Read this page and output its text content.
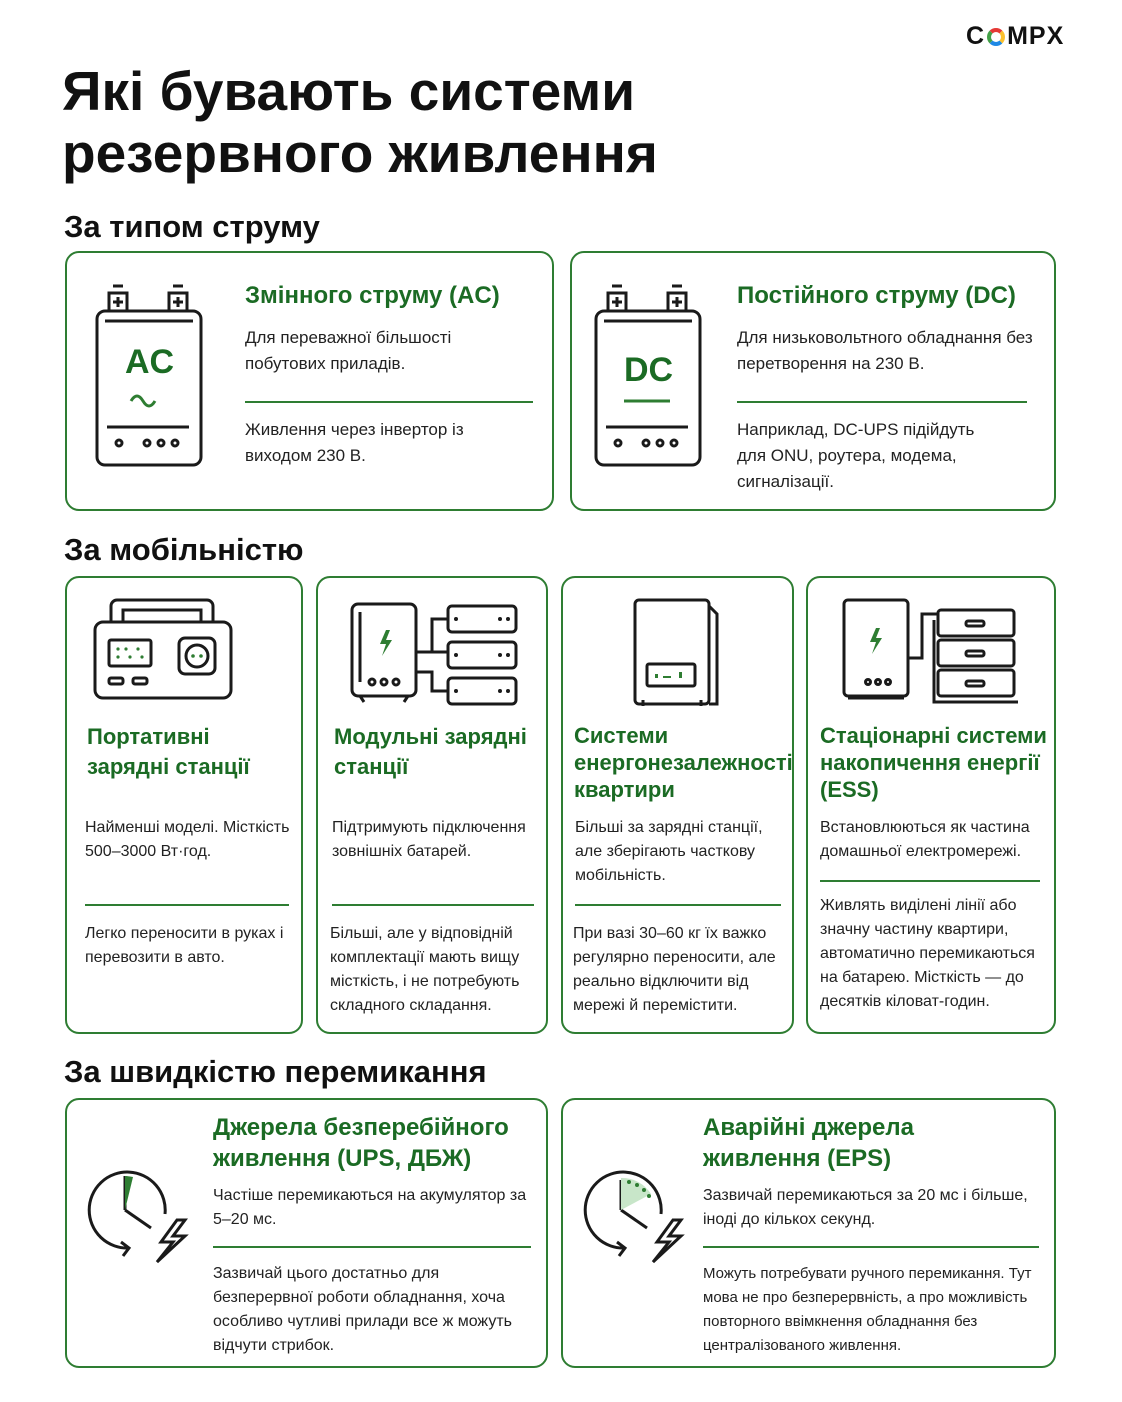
C MPX
Які бувають системи резервного живлення
За типом струму
AC
Змінного струму (AC)

Для переважної більшості побутових приладів.

Живлення через інвертор із виходом 230 В.

DC
Постійного струму (DC)

Для низьковольтного обладнання без перетворення на 230 В.

Наприклад, DC-UPS підійдуть для ONU, роутера, модема, сигналізації.

За мобільністю
Портативні зарядні станції

Найменші моделі. Місткість 500–3000 Вт·год.

Легко переносити в руках і перевозити в авто.

Модульні зарядні станції

Підтримують підключення зовнішніх батарей.

Більші, але у відповідній комплектації мають вищу місткість, і не потребують складного складання.

Системи енергонезалежності квартири

Більші за зарядні станції, але зберігають часткову мобільність.

При вазі 30–60 кг їх важко регулярно переносити, але реально відключити від мережі й перемістити.

Стаціонарні системи накопичення енергії (ESS)

Встановлюються як частина домашньої електромережі.

Живлять виділені лінії або значну частину квартири, автоматично перемикаються на батарею. Місткість — до десятків кіловат-годин.

За швидкістю перемикання
Джерела безперебійного живлення (UPS, ДБЖ)

Частіше перемикаються на акумулятор за 5–20 мс.

Зазвичай цього достатньо для безперервної роботи обладнання, хоча особливо чутливі прилади все ж можуть відчути стрибок.

Аварійні джерела живлення (EPS)

Зазвичай перемикаються за 20 мс і більше, іноді до кількох секунд.

Можуть потребувати ручного перемикання. Тут мова не про безперервність, а про можливість повторного ввімкнення обладнання без централізованого живлення.
